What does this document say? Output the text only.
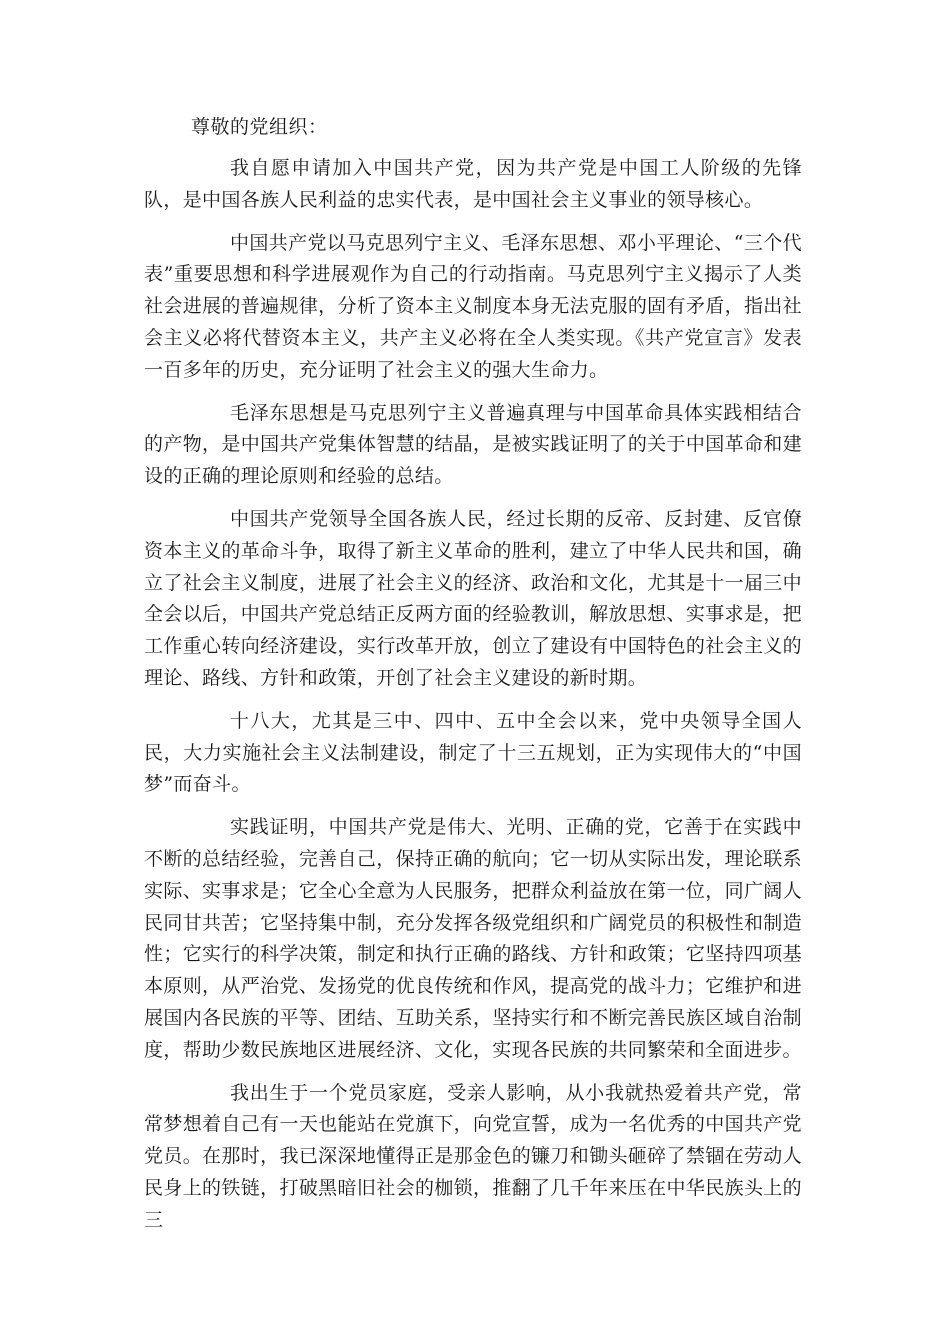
尊敬的党组织：

我自愿申请加入中国共产党，因为共产党是中国工人阶级的先锋队，是中国各族人民利益的忠实代表，是中国社会主义事业的领导核心。

中国共产党以马克思列宁主义、毛泽东思想、邓小平理论、“三个代表”重要思想和科学进展观作为自己的行动指南。马克思列宁主义揭示了人类社会进展的普遍规律，分析了资本主义制度本身无法克服的固有矛盾，指出社会主义必将代替资本主义，共产主义必将在全人类实现。《共产党宣言》发表一百多年的历史，充分证明了社会主义的强大生命力。

毛泽东思想是马克思列宁主义普遍真理与中国革命具体实践相结合的产物，是中国共产党集体智慧的结晶，是被实践证明了的关于中国革命和建设的正确的理论原则和经验的总结。

中国共产党领导全国各族人民，经过长期的反帝、反封建、反官僚资本主义的革命斗争，取得了新主义革命的胜利，建立了中华人民共和国，确立了社会主义制度，进展了社会主义的经济、政治和文化，尤其是十一届三中全会以后，中国共产党总结正反两方面的经验教训，解放思想、实事求是，把工作重心转向经济建设，实行改革开放，创立了建设有中国特色的社会主义的理论、路线、方针和政策，开创了社会主义建设的新时期。

十八大，尤其是三中、四中、五中全会以来，党中央领导全国人民，大力实施社会主义法制建设，制定了十三五规划，正为实现伟大的“中国梦”而奋斗。

实践证明，中国共产党是伟大、光明、正确的党，它善于在实践中不断的总结经验，完善自己，保持正确的航向；它一切从实际出发，理论联系实际、实事求是；它全心全意为人民服务，把群众利益放在第一位，同广阔人民同甘共苦；它坚持集中制，充分发挥各级党组织和广阔党员的积极性和制造性；它实行的科学决策，制定和执行正确的路线、方针和政策；它坚持四项基本原则，从严治党、发扬党的优良传统和作风，提高党的战斗力；它维护和进展国内各民族的平等、团结、互助关系，坚持实行和不断完善民族区域自治制度，帮助少数民族地区进展经济、文化，实现各民族的共同繁荣和全面进步。

我出生于一个党员家庭，受亲人影响，从小我就热爱着共产党，常常梦想着自己有一天也能站在党旗下，向党宣誓，成为一名优秀的中国共产党党员。在那时，我已深深地懂得正是那金色的镰刀和锄头砸碎了禁锢在劳动人民身上的铁链，打破黑暗旧社会的枷锁，推翻了几千年来压在中华民族头上的三
